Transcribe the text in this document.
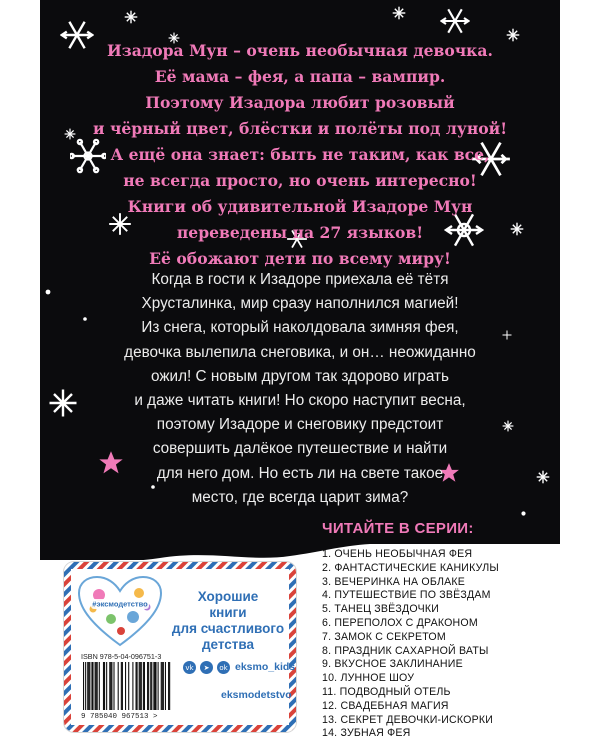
Изадора Мун – очень необычная девочка.
Её мама – фея, а папа – вампир.
Поэтому Изадора любит розовый
и чёрный цвет, блёстки и полёты под луной!
А ещё она знает: быть не таким, как все,
не всегда просто, но очень интересно!
Книги об удивительной Изадоре Мун
переведены на 27 языков!
Её обожают дети по всему миру!
Когда в гости к Изадоре приехала её тётя
Хрусталинка, мир сразу наполнился магией!
Из снега, который наколдовала зимняя фея,
девочка вылепила снеговика, и он… неожиданно
ожил! С новым другом так здорово играть
и даже читать книги! Но скоро наступит весна,
поэтому Изадоре и снеговику предстоит
совершить далёкое путешествие и найти
для него дом. Но есть ли на свете такое
место, где всегда царит зима?
ЧИТАЙТЕ В СЕРИИ:
1. ОЧЕНЬ НЕОБЫЧНАЯ ФЕЯ
2. ФАНТАСТИЧЕСКИЕ КАНИКУЛЫ
3. ВЕЧЕРИНКА НА ОБЛАКЕ
4. ПУТЕШЕСТВИЕ ПО ЗВЁЗДАМ
5. ТАНЕЦ ЗВЁЗДОЧКИ
6. ПЕРЕПОЛОХ С ДРАКОНОМ
7. ЗАМОК С СЕКРЕТОМ
8. ПРАЗДНИК САХАРНОЙ ВАТЫ
9. ВКУСНОЕ ЗАКЛИНАНИЕ
10. ЛУННОЕ ШОУ
11. ПОДВОДНЫЙ ОТЕЛЬ
12. СВАДЕБНАЯ МАГИЯ
13. СЕКРЕТ ДЕВОЧКИ-ИСКОРКИ
14. ЗУБНАЯ ФЕЯ
#эксмодетство	Хорошие
книги
для счастливого
детства
ISBN 978-5-04-096751-3
9 785040 967513 >
vk	➤	ok eksmo_kids
eksmodetstvo
